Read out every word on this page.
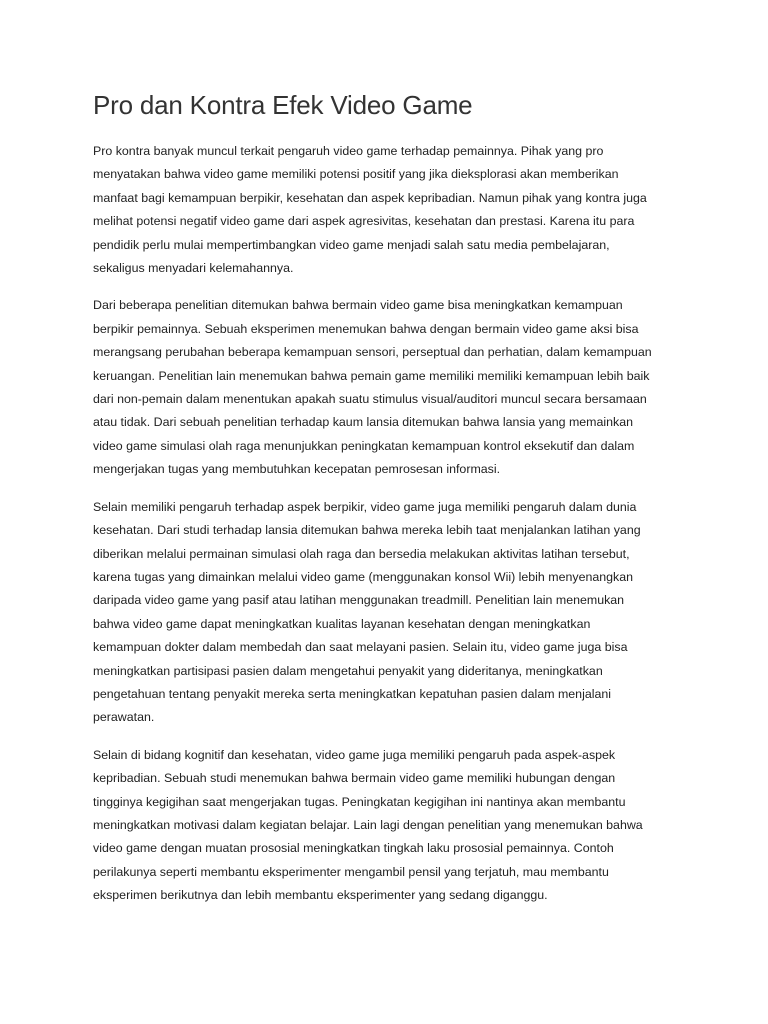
Pro dan Kontra Efek Video Game

Pro kontra banyak muncul terkait pengaruh video game terhadap pemainnya. Pihak yang pro
menyatakan bahwa video game memiliki potensi positif yang jika dieksplorasi akan memberikan
manfaat bagi kemampuan berpikir, kesehatan dan aspek kepribadian. Namun pihak yang kontra juga
melihat potensi negatif video game dari aspek agresivitas, kesehatan dan prestasi. Karena itu para
pendidik perlu mulai mempertimbangkan video game menjadi salah satu media pembelajaran,
sekaligus menyadari kelemahannya.

Dari beberapa penelitian ditemukan bahwa bermain video game bisa meningkatkan kemampuan
berpikir pemainnya. Sebuah eksperimen menemukan bahwa dengan bermain video game aksi bisa
merangsang perubahan beberapa kemampuan sensori, perseptual dan perhatian, dalam kemampuan
keruangan. Penelitian lain menemukan bahwa pemain game memiliki memiliki kemampuan lebih baik
dari non-pemain dalam menentukan apakah suatu stimulus visual/auditori muncul secara bersamaan
atau tidak. Dari sebuah penelitian terhadap kaum lansia ditemukan bahwa lansia yang memainkan
video game simulasi olah raga menunjukkan peningkatan kemampuan kontrol eksekutif dan dalam
mengerjakan tugas yang membutuhkan kecepatan pemrosesan informasi.

Selain memiliki pengaruh terhadap aspek berpikir, video game juga memiliki pengaruh dalam dunia
kesehatan. Dari studi terhadap lansia ditemukan bahwa mereka lebih taat menjalankan latihan yang
diberikan melalui permainan simulasi olah raga dan bersedia melakukan aktivitas latihan tersebut,
karena tugas yang dimainkan melalui video game (menggunakan konsol Wii) lebih menyenangkan
daripada video game yang pasif atau latihan menggunakan treadmill. Penelitian lain menemukan
bahwa video game dapat meningkatkan kualitas layanan kesehatan dengan meningkatkan
kemampuan dokter dalam membedah dan saat melayani pasien. Selain itu, video game juga bisa
meningkatkan partisipasi pasien dalam mengetahui penyakit yang dideritanya, meningkatkan
pengetahuan tentang penyakit mereka serta meningkatkan kepatuhan pasien dalam menjalani
perawatan.

Selain di bidang kognitif dan kesehatan, video game juga memiliki pengaruh pada aspek-aspek
kepribadian. Sebuah studi menemukan bahwa bermain video game memiliki hubungan dengan
tingginya kegigihan saat mengerjakan tugas. Peningkatan kegigihan ini nantinya akan membantu
meningkatkan motivasi dalam kegiatan belajar. Lain lagi dengan penelitian yang menemukan bahwa
video game dengan muatan prososial meningkatkan tingkah laku prososial pemainnya. Contoh
perilakunya seperti membantu eksperimenter mengambil pensil yang terjatuh, mau membantu
eksperimen berikutnya dan lebih membantu eksperimenter yang sedang diganggu.
